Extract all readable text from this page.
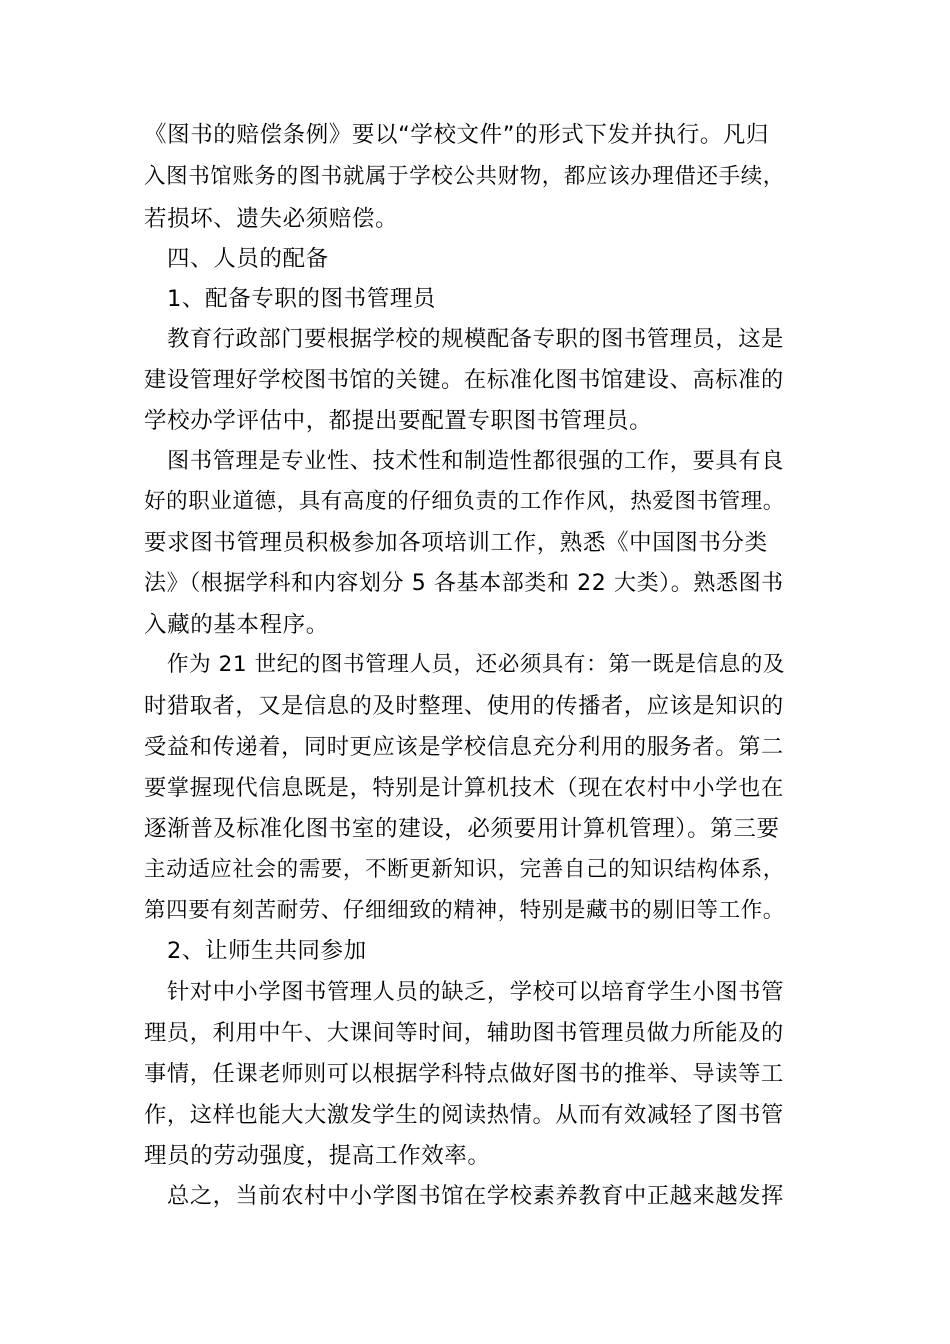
《图书的赔偿条例》要以“学校文件”的形式下发并执行。凡归
入图书馆账务的图书就属于学校公共财物，都应该办理借还手续，
若损坏、遗失必须赔偿。
四、人员的配备
1、配备专职的图书管理员
教育行政部门要根据学校的规模配备专职的图书管理员，这是
建设管理好学校图书馆的关键。在标准化图书馆建设、高标准的
学校办学评估中，都提出要配置专职图书管理员。
图书管理是专业性、技术性和制造性都很强的工作，要具有良
好的职业道德，具有高度的仔细负责的工作作风，热爱图书管理。
要求图书管理员积极参加各项培训工作，熟悉《中国图书分类
法》（根据学科和内容划分 5 各基本部类和 22 大类）。熟悉图书
入藏的基本程序。
作为 21 世纪的图书管理人员，还必须具有：第一既是信息的及
时猎取者，又是信息的及时整理、使用的传播者，应该是知识的
受益和传递着，同时更应该是学校信息充分利用的服务者。第二
要掌握现代信息既是，特别是计算机技术（现在农村中小学也在
逐渐普及标准化图书室的建设，必须要用计算机管理）。第三要
主动适应社会的需要，不断更新知识，完善自己的知识结构体系，
第四要有刻苦耐劳、仔细细致的精神，特别是藏书的剔旧等工作。
2、让师生共同参加
针对中小学图书管理人员的缺乏，学校可以培育学生小图书管
理员，利用中午、大课间等时间，辅助图书管理员做力所能及的
事情，任课老师则可以根据学科特点做好图书的推举、导读等工
作，这样也能大大激发学生的阅读热情。从而有效减轻了图书管
理员的劳动强度，提高工作效率。
总之，当前农村中小学图书馆在学校素养教育中正越来越发挥
